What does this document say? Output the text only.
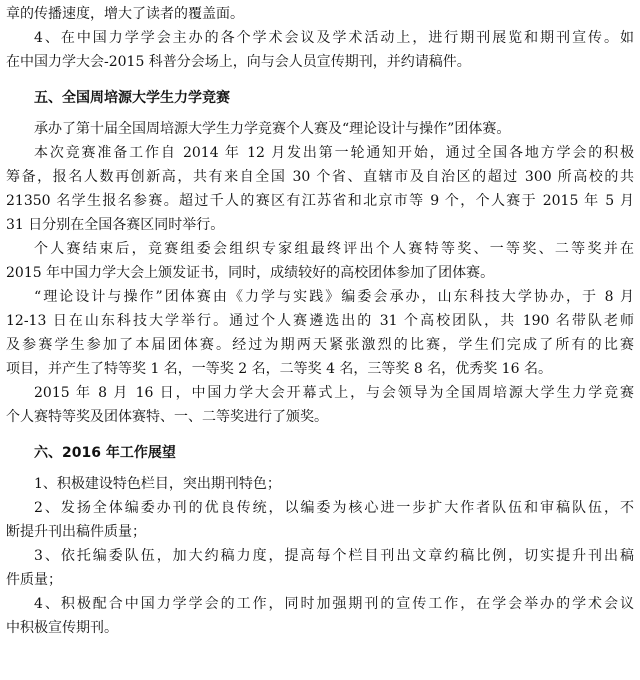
章的传播速度，增大了读者的覆盖面。
4、在中国力学学会主办的各个学术会议及学术活动上，进行期刊展览和期刊宣传。如
在中国力学大会-2015 科普分会场上，向与会人员宣传期刊，并约请稿件。
五、全国周培源大学生力学竞赛
承办了第十届全国周培源大学生力学竞赛个人赛及“理论设计与操作”团体赛。
本次竞赛准备工作自 2014 年 12 月发出第一轮通知开始，通过全国各地方学会的积极
筹备，报名人数再创新高，共有来自全国 30 个省、直辖市及自治区的超过 300 所高校的共
21350 名学生报名参赛。超过千人的赛区有江苏省和北京市等 9 个，个人赛于 2015 年 5 月
31 日分别在全国各赛区同时举行。
个人赛结束后，竞赛组委会组织专家组最终评出个人赛特等奖、一等奖、二等奖并在
2015 年中国力学大会上颁发证书，同时，成绩较好的高校团体参加了团体赛。
“理论设计与操作”团体赛由《力学与实践》编委会承办，山东科技大学协办，于 8 月
12-13 日在山东科技大学举行。通过个人赛遴选出的 31 个高校团队，共 190 名带队老师
及参赛学生参加了本届团体赛。经过为期两天紧张激烈的比赛，学生们完成了所有的比赛
项目，并产生了特等奖 1 名，一等奖 2 名，二等奖 4 名，三等奖 8 名，优秀奖 16 名。
2015 年 8 月 16 日，中国力学大会开幕式上，与会领导为全国周培源大学生力学竞赛
个人赛特等奖及团体赛特、一、二等奖进行了颁奖。
六、2016 年工作展望
1、积极建设特色栏目，突出期刊特色；
2、发扬全体编委办刊的优良传统，以编委为核心进一步扩大作者队伍和审稿队伍，不
断提升刊出稿件质量；
3、依托编委队伍，加大约稿力度，提高每个栏目刊出文章约稿比例，切实提升刊出稿
件质量；
4、积极配合中国力学学会的工作，同时加强期刊的宣传工作，在学会举办的学术会议
中积极宣传期刊。
